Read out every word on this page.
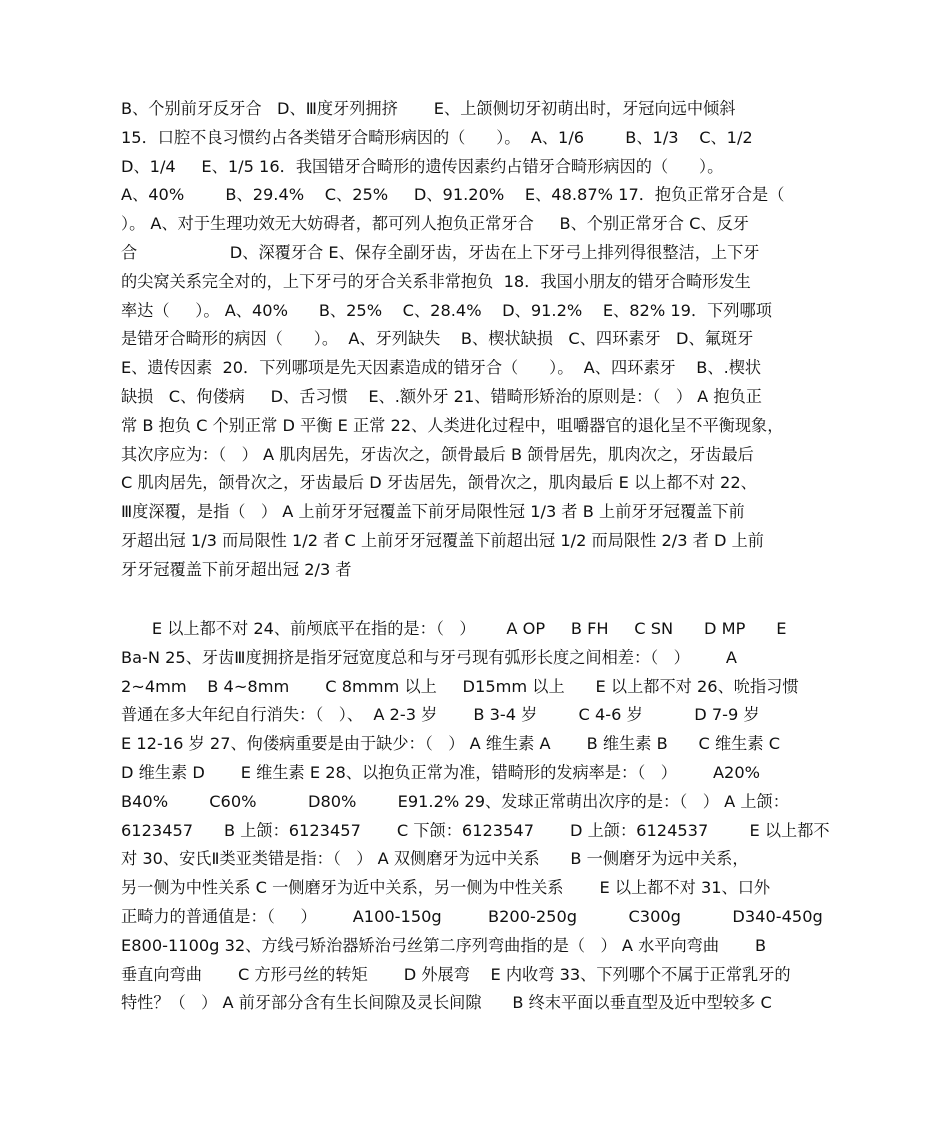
B、个别前牙反牙合   D、Ⅲ度牙列拥挤       E、上颌侧切牙初萌出时，牙冠向远中倾斜
15．口腔不良习惯约占各类错牙合畸形病因的（      ）。  A、1/6        B、1/3    C、1/2
D、1/4     E、1/5 16．我国错牙合畸形的遗传因素约占错牙合畸形病因的（      ）。
A、40%        B、29.4%    C、25%     D、91.20%    E、48.87% 17．抱负正常牙合是（
）。 A、对于生理功效无大妨碍者，都可列人抱负正常牙合     B、个别正常牙合 C、反牙
合                  D、深覆牙合 E、保存全副牙齿，牙齿在上下牙弓上排列得很整洁，上下牙
的尖窝关系完全对的，上下牙弓的牙合关系非常抱负  18．我国小朋友的错牙合畸形发生
率达（     ）。 A、40%      B、25%    C、28.4%    D、91.2%    E、82% 19．下列哪项
是错牙合畸形的病因（      ）。  A、牙列缺失    B、楔状缺损   C、四环素牙   D、氟斑牙
E、遗传因素  20．下列哪项是先天因素造成的错牙合（      ）。  A、四环素牙    B、.楔状
缺损   C、佝偻病     D、舌习惯    E、.额外牙 21、错畸形矫治的原则是：（   ） A 抱负正
常 B 抱负 C 个别正常 D 平衡 E 正常 22、人类进化过程中，咀嚼器官的退化呈不平衡现象，
其次序应为：（   ） A 肌肉居先，牙齿次之，颌骨最后 B 颌骨居先，肌肉次之，牙齿最后
C 肌肉居先，颌骨次之，牙齿最后 D 牙齿居先，颌骨次之，肌肉最后 E 以上都不对 22、
Ⅲ度深覆，是指（   ） A 上前牙牙冠覆盖下前牙局限性冠 1/3 者 B 上前牙牙冠覆盖下前
牙超出冠 1/3 而局限性 1/2 者 C 上前牙牙冠覆盖下前超出冠 1/2 而局限性 2/3 者 D 上前
牙牙冠覆盖下前牙超出冠 2/3 者
E 以上都不对 24、前颅底平在指的是：（   ）      A OP     B FH     C SN      D MP      E
Ba-N 25、牙齿Ⅲ度拥挤是指牙冠宽度总和与牙弓现有弧形长度之间相差：（   ）       A
2~4mm    B 4~8mm       C 8mmm 以上     D15mm 以上      E 以上都不对 26、吮指习惯
普通在多大年纪自行消失：（   ）、  A 2-3 岁       B 3-4 岁        C 4-6 岁          D 7-9 岁
E 12-16 岁 27、佝偻病重要是由于缺少：（   ） A 维生素 A       B 维生素 B      C 维生素 C
D 维生素 D       E 维生素 E 28、以抱负正常为准，错畸形的发病率是：（   ）       A20%
B40%        C60%          D80%        E91.2% 29、发球正常萌出次序的是：（   ） A 上颌：
6123457      B 上颌：6123457       C 下颌：6123547       D 上颌：6124537        E 以上都不
对 30、安氏Ⅱ类亚类错是指：（   ） A 双侧磨牙为远中关系      B 一侧磨牙为远中关系，
另一侧为中性关系 C 一侧磨牙为近中关系，另一侧为中性关系       E 以上都不对 31、口外
正畸力的普通值是：（     ）       A100-150g         B200-250g          C300g          D340-450g
E800-1100g 32、方线弓矫治器矫治弓丝第二序列弯曲指的是（   ） A 水平向弯曲       B
垂直向弯曲       C 方形弓丝的转矩       D 外展弯    E 内收弯 33、下列哪个不属于正常乳牙的
特性？（   ） A 前牙部分含有生长间隙及灵长间隙      B 终末平面以垂直型及近中型较多 C
